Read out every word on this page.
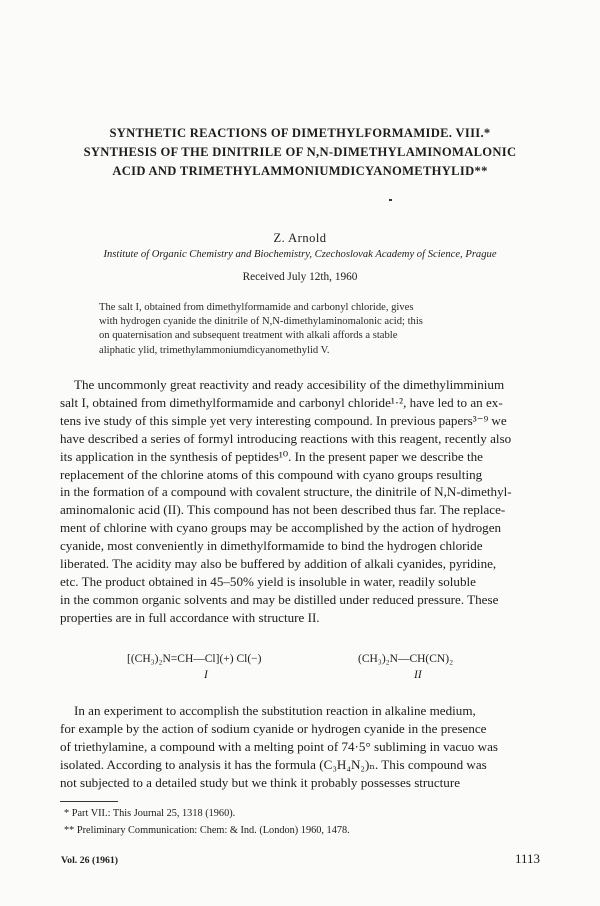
SYNTHETIC REACTIONS OF DIMETHYLFORMAMIDE. VIII.*
SYNTHESIS OF THE DINITRILE OF N,N-DIMETHYLAMINOMALONIC
ACID AND TRIMETHYLAMMONIUMDICYANOMETHYLID**
Z. Arnold
Institute of Organic Chemistry and Biochemistry, Czechoslovak Academy of Science, Prague
Received July 12th, 1960
The salt I, obtained from dimethylformamide and carbonyl chloride, gives
with hydrogen cyanide the dinitrile of N,N-dimethylaminomalonic acid; this
on quaternisation and subsequent treatment with alkali affords a stable
aliphatic ylid, trimethylammoniumdicyanomethylid V.
The uncommonly great reactivity and ready accesibility of the dimethylimminium
salt I, obtained from dimethylformamide and carbonyl chloride¹·², have led to an ex-
tens ive study of this simple yet very interesting compound. In previous papers³⁻⁹ we
have described a series of formyl introducing reactions with this reagent, recently also
its application in the synthesis of peptides¹⁰. In the present paper we describe the
replacement of the chlorine atoms of this compound with cyano groups resulting
in the formation of a compound with covalent structure, the dinitrile of N,N-dimethyl-
aminomalonic acid (II). This compound has not been described thus far. The replace-
ment of chlorine with cyano groups may be accomplished by the action of hydrogen
cyanide, most conveniently in dimethylformamide to bind the hydrogen chloride
liberated. The acidity may also be buffered by addition of alkali cyanides, pyridine,
etc. The product obtained in 45–50% yield is insoluble in water, readily soluble
in the common organic solvents and may be distilled under reduced pressure. These
properties are in full accordance with structure II.
[(CH₃)₂N=CH—Cl](+) Cl(−)
I
(CH₃)₂N—CH(CN)₂
II
In an experiment to accomplish the substitution reaction in alkaline medium,
for example by the action of sodium cyanide or hydrogen cyanide in the presence
of triethylamine, a compound with a melting point of 74·5° subliming in vacuo was
isolated. According to analysis it has the formula (C₃H₄N₂)ₙ. This compound was
not subjected to a detailed study but we think it probably possesses structure
* Part VII.: This Journal 25, 1318 (1960).
** Preliminary Communication: Chem: & Ind. (London) 1960, 1478.
Vol. 26 (1961)	1113
